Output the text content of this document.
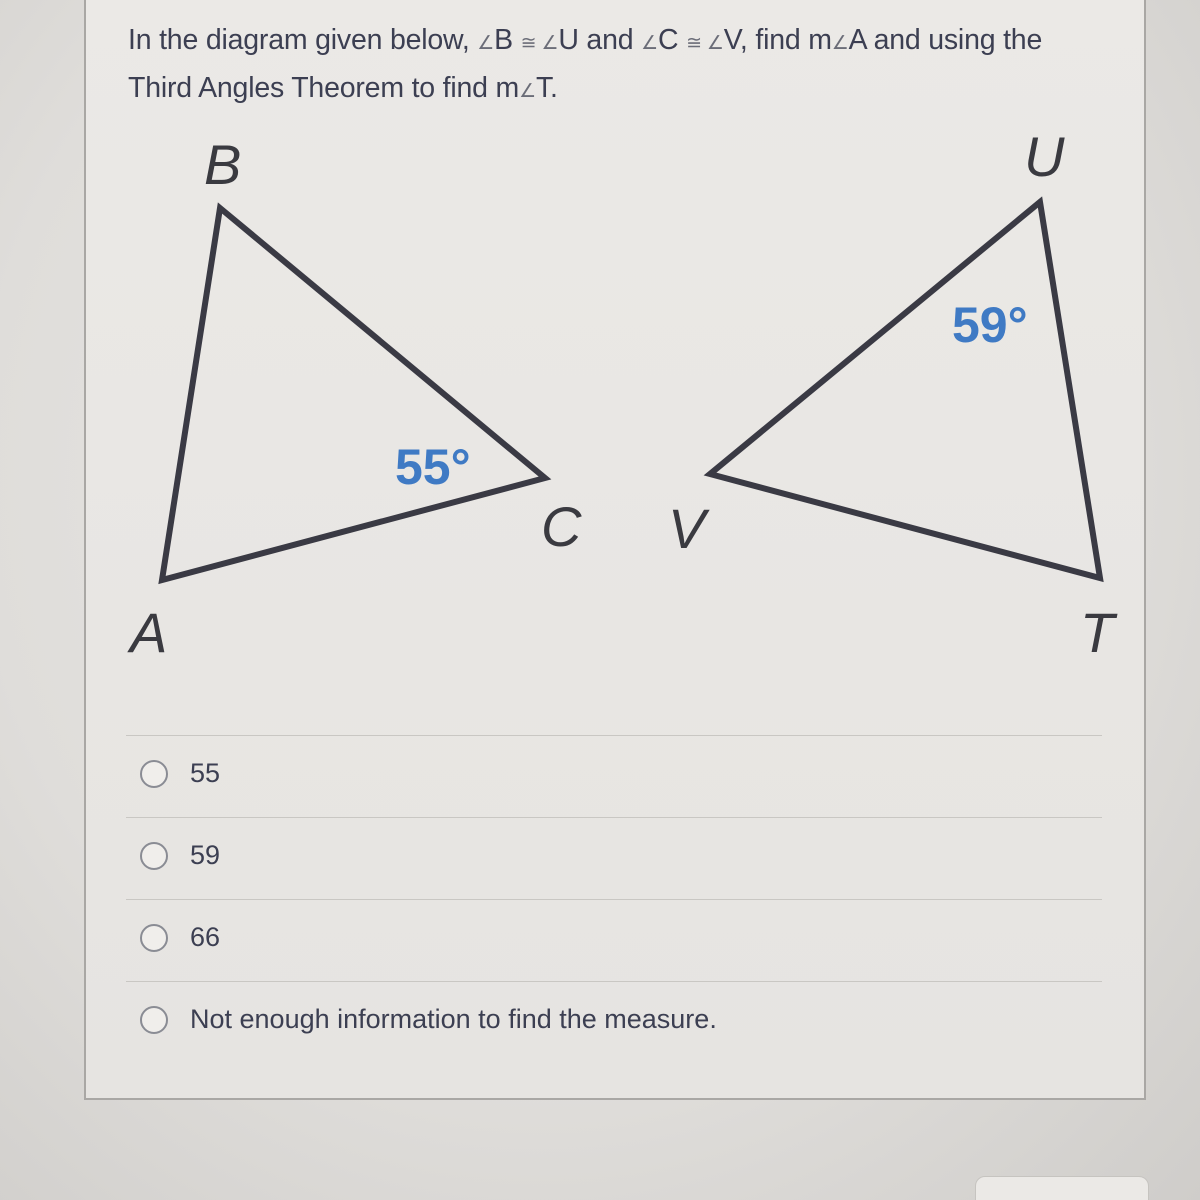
In the diagram given below, ∠B ≅ ∠U and ∠C ≅ ∠V, find m∠A and using the Third Angles Theorem to find m∠T.

B
A
C
U
V
T
55°
59°
55
59
66
Not enough information to find the measure.
